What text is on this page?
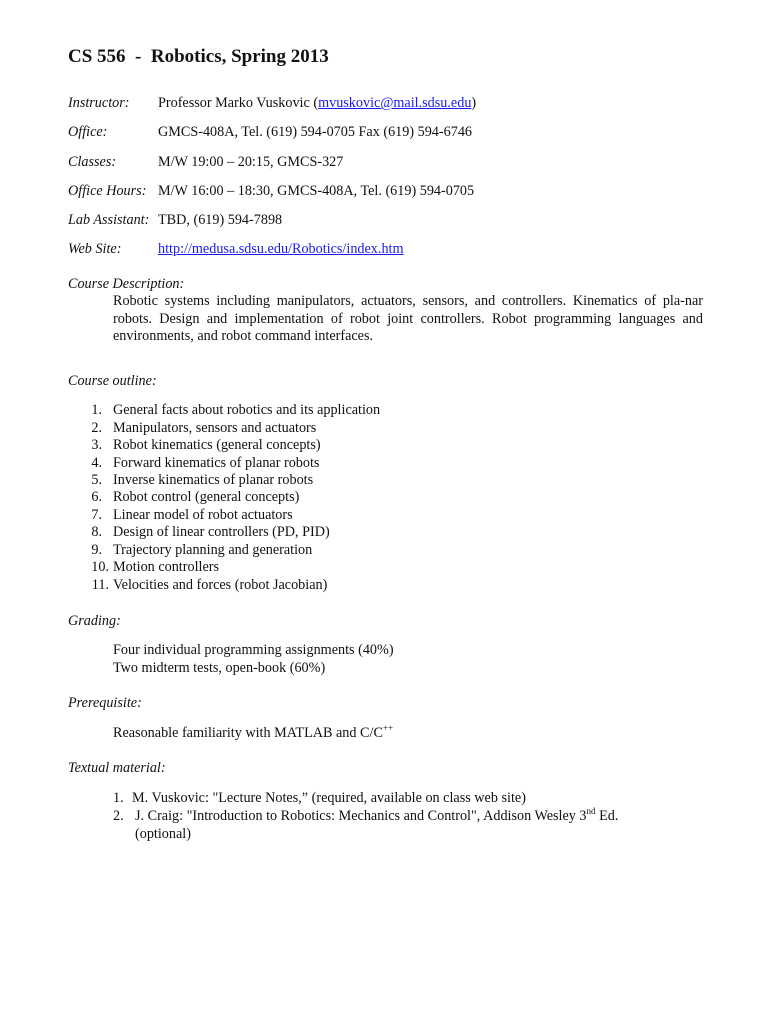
CS 556  -  Robotics, Spring 2013
Instructor: Professor Marko Vuskovic (mvuskovic@mail.sdsu.edu)
Office:	GMCS-408A, Tel. (619) 594-0705 Fax (619) 594-6746
Classes:	M/W 19:00 – 20:15, GMCS-327
Office Hours: M/W 16:00 – 18:30, GMCS-408A, Tel. (619) 594-0705
Lab Assistant: TBD, (619) 594-7898
Web Site:	http://medusa.sdsu.edu/Robotics/index.htm
Course Description:

Robotic systems including manipulators, actuators, sensors, and controllers. Kinematics of pla-nar robots. Design and implementation of robot joint controllers. Robot programming languages and environments, and robot command interfaces.

Course outline:
1. General facts about robotics and its application
2. Manipulators, sensors and actuators
3. Robot kinematics (general concepts)
4. Forward kinematics of planar robots
5. Inverse kinematics of planar robots
6. Robot control (general concepts)
7. Linear model of robot actuators
8. Design of linear controllers (PD, PID)
9. Trajectory planning and generation
10. Motion controllers
11. Velocities and forces (robot Jacobian)
Grading:
Four individual programming assignments (40%)
Two midterm tests, open-book (60%)
Prerequisite:
Reasonable familiarity with MATLAB and C/C++
Textual material:
1. M. Vuskovic: "Lecture Notes,” (required, available on class web site)
2. J. Craig: "Introduction to Robotics: Mechanics and Control", Addison Wesley 3nd Ed.
(optional)
